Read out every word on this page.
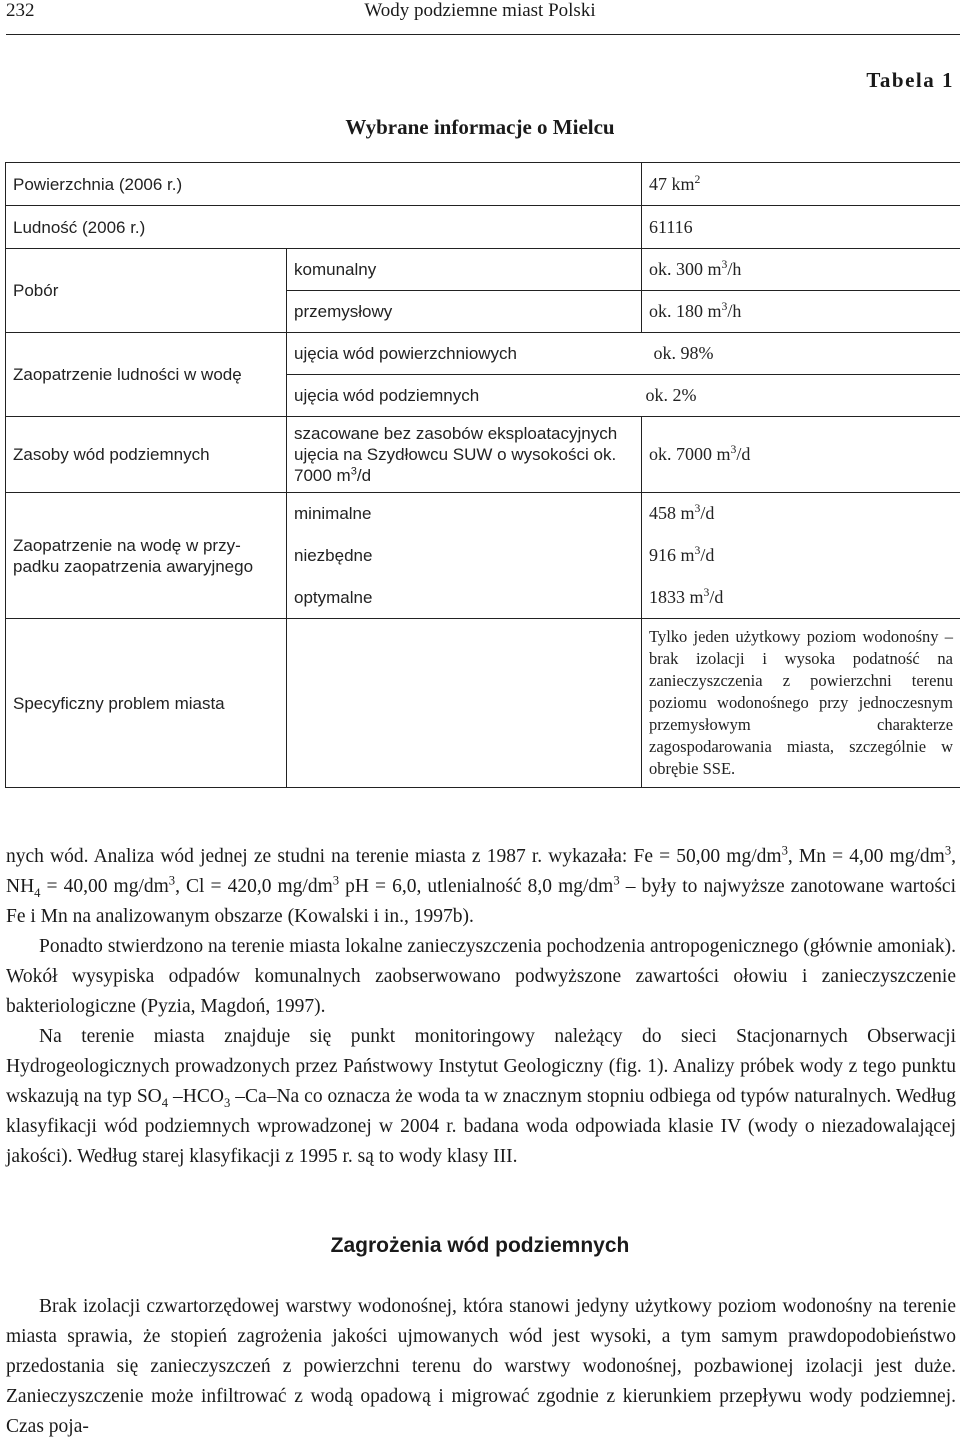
232	Wody podziemne miast Polski
Tabela 1
Wybrane informacje o Mielcu
Powierzchnia (2006 r.)		47 $km^2$
Ludność (2006 r.)		61116
Pobór	komunalny	ok. 300 $m^3/h$
	przemysłowy	ok. 180 $m^3/h$
Zaopatrzenie ludności w wodę	ujęcia wód powierzchniowych ok. 98%	

	ujęcia wód podziemnych ok. 2%	

Zasoby wód podziemnych	szacowane bez zasobów eksploatacyjnych ujęcia na Szydłowcu SUW o wysokości ok. 7000 $m^3/d$	ok. 7000 $m^3/d$
Zaopatrzenie na wodę w przy-padku zaopatrzenia awaryjnego	minimalne	458 $m^3/d$
	niezbędne	916 $m^3/d$
	optymalne	1833 $m^3/d$
Specyficzny problem miasta		Tylko jeden użytkowy poziom wodonośny – brak izolacji i wysoka podatność na zanieczyszczenia z powierzchni terenu poziomu wodonośnego przy jednoczesnym przemysłowym charakterze zagospodarowania miasta, szczególnie w obrębie SSE.

nych wód. Analiza wód jednej ze studni na terenie miasta z 1987 r. wykazała: Fe = 50,00 $mg/dm^3$, Mn = 4,00 $mg/dm^3$, $NH_4 = 40,00$ $mg/dm^3$, Cl = 420,0 $mg/dm^3$ pH = 6,0, utlenialność 8,0 $mg/dm^3$ – były to najwyższe zanotowane wartości Fe i Mn na analizowanym obszarze (Kowalski i in., 1997b).

Ponadto stwierdzono na terenie miasta lokalne zanieczyszczenia pochodzenia antropogenicznego (głównie amoniak). Wokół wysypiska odpadów komunalnych zaobserwowano podwyższone zawartości ołowiu i zanieczyszczenie bakteriologiczne (Pyzia, Magdoń, 1997).

Na terenie miasta znajduje się punkt monitoringowy należący do sieci Stacjonarnych Obserwacji Hydrogeologicznych prowadzonych przez Państwowy Instytut Geologiczny (fig. 1). Analizy próbek wody z tego punktu wskazują na typ $SO_4$ $-HCO_3$ –Ca–Na co oznacza że woda ta w znacznym stopniu odbiega od typów naturalnych. Według klasyfikacji wód podziemnych wprowadzonej w 2004 r. badana woda odpowiada klasie IV (wody o niezadowalającej jakości). Według starej klasyfikacji z 1995 r. są to wody klasy III.

Zagrożenia wód podziemnych

Brak izolacji czwartorzędowej warstwy wodonośnej, która stanowi jedyny użytkowy poziom wodonośny na terenie miasta sprawia, że stopień zagrożenia jakości ujmowanych wód jest wysoki, a tym samym prawdopodobieństwo przedostania się zanieczyszczeń z powierzchni terenu do warstwy wodonośnej, pozbawionej izolacji jest duże. Zanieczyszczenie może infiltrować z wodą opadową i migrować zgodnie z kierunkiem przepływu wody podziemnej. Czas poja-
